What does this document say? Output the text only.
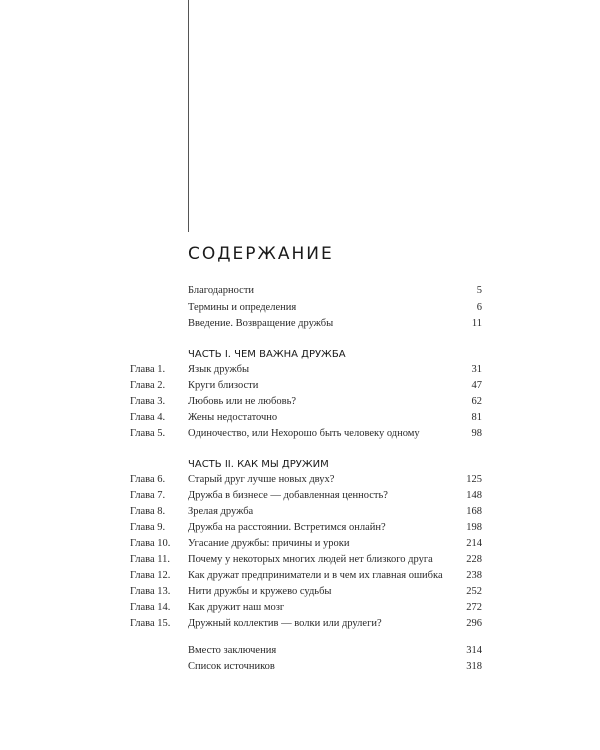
СОДЕРЖАНИЕ
Благодарности	5
Термины и определения	6
Введение. Возвращение дружбы	11
ЧАСТЬ I. ЧЕМ ВАЖНА ДРУЖБА
Глава 1. Язык дружбы	31
Глава 2. Круги близости	47
Глава 3. Любовь или не любовь?	62
Глава 4. Жены недостаточно	81
Глава 5. Одиночество, или Нехорошо быть человеку одному	98
ЧАСТЬ II. КАК МЫ ДРУЖИМ
Глава 6. Старый друг лучше новых двух?	125
Глава 7. Дружба в бизнесе — добавленная ценность?	148
Глава 8. Зрелая дружба	168
Глава 9. Дружба на расстоянии. Встретимся онлайн?	198
Глава 10. Угасание дружбы: причины и уроки	214
Глава 11. Почему у некоторых многих людей нет близкого друга	228
Глава 12. Как дружат предприниматели и в чем их главная ошибка 238
Глава 13. Нити дружбы и кружево судьбы	252
Глава 14. Как дружит наш мозг	272
Глава 15. Дружный коллектив — волки или друлеги?	296
Вместо заключения	314
Список источников	318
